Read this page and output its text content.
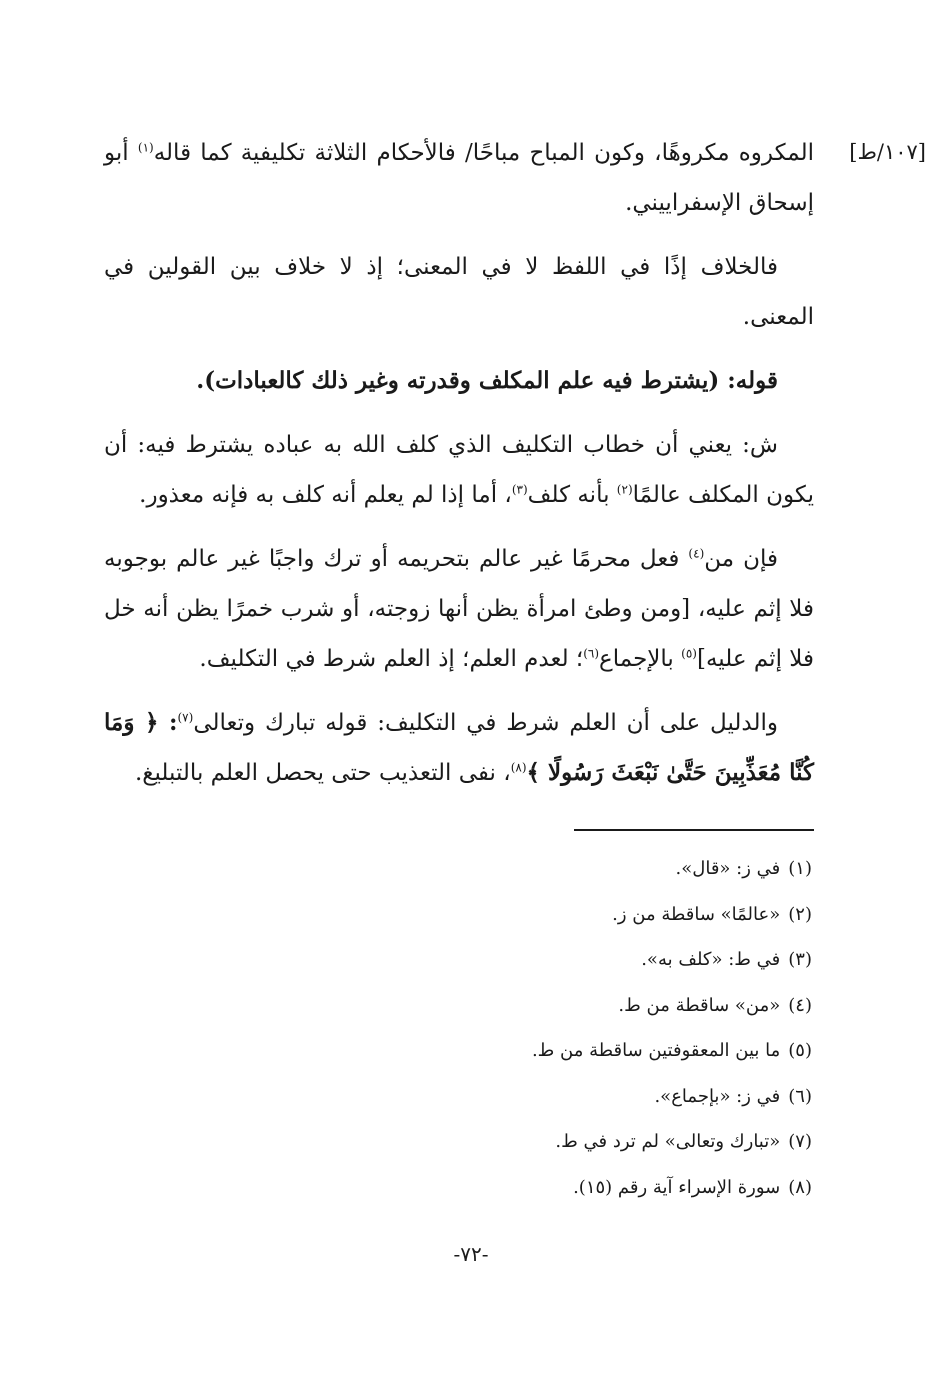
[١٠٧/ط]

المكروه مكروهًا، وكون المباح مباحًا/ فالأحكام الثلاثة تكليفية كما قاله$^{(١)}$ أبو إسحاق الإسفراييني.

فالخلاف إذًا في اللفظ لا في المعنى؛ إذ لا خلاف بين القولين في المعنى.

قوله: (يشترط فيه علم المكلف وقدرته وغير ذلك كالعبادات).

ش: يعني أن خطاب التكليف الذي كلف الله به عباده يشترط فيه: أن يكون المكلف عالمًا$^{(٢)}$ بأنه كلف$^{(٣)}$، أما إذا لم يعلم أنه كلف به فإنه معذور.

فإن من$^{(٤)}$ فعل محرمًا غير عالم بتحريمه أو ترك واجبًا غير عالم بوجوبه فلا إثم عليه، [ومن وطئ امرأة يظن أنها زوجته، أو شرب خمرًا يظن أنه خل فلا إثم عليه]$^{(٥)}$ بالإجماع$^{(٦)}$؛ لعدم العلم؛ إذ العلم شرط في التكليف.

والدليل على أن العلم شرط في التكليف: قوله تبارك وتعالى$^{(٧)}$: ﴿ وَمَا كُنَّا مُعَذِّبِينَ حَتَّىٰ نَبْعَثَ رَسُولًا ﴾$^{(٨)}$، نفى التعذيب حتى يحصل العلم بالتبليغ.

(١)في ز: «قال».
(٢)«عالمًا» ساقطة من ز.
(٣)في ط: «كلف به».
(٤)«من» ساقطة من ط.
(٥)ما بين المعقوفتين ساقطة من ط.
(٦)في ز: «بإجماع».
(٧)«تبارك وتعالى» لم ترد في ط.
(٨)سورة الإسراء آية رقم (١٥).
-٧٢-
